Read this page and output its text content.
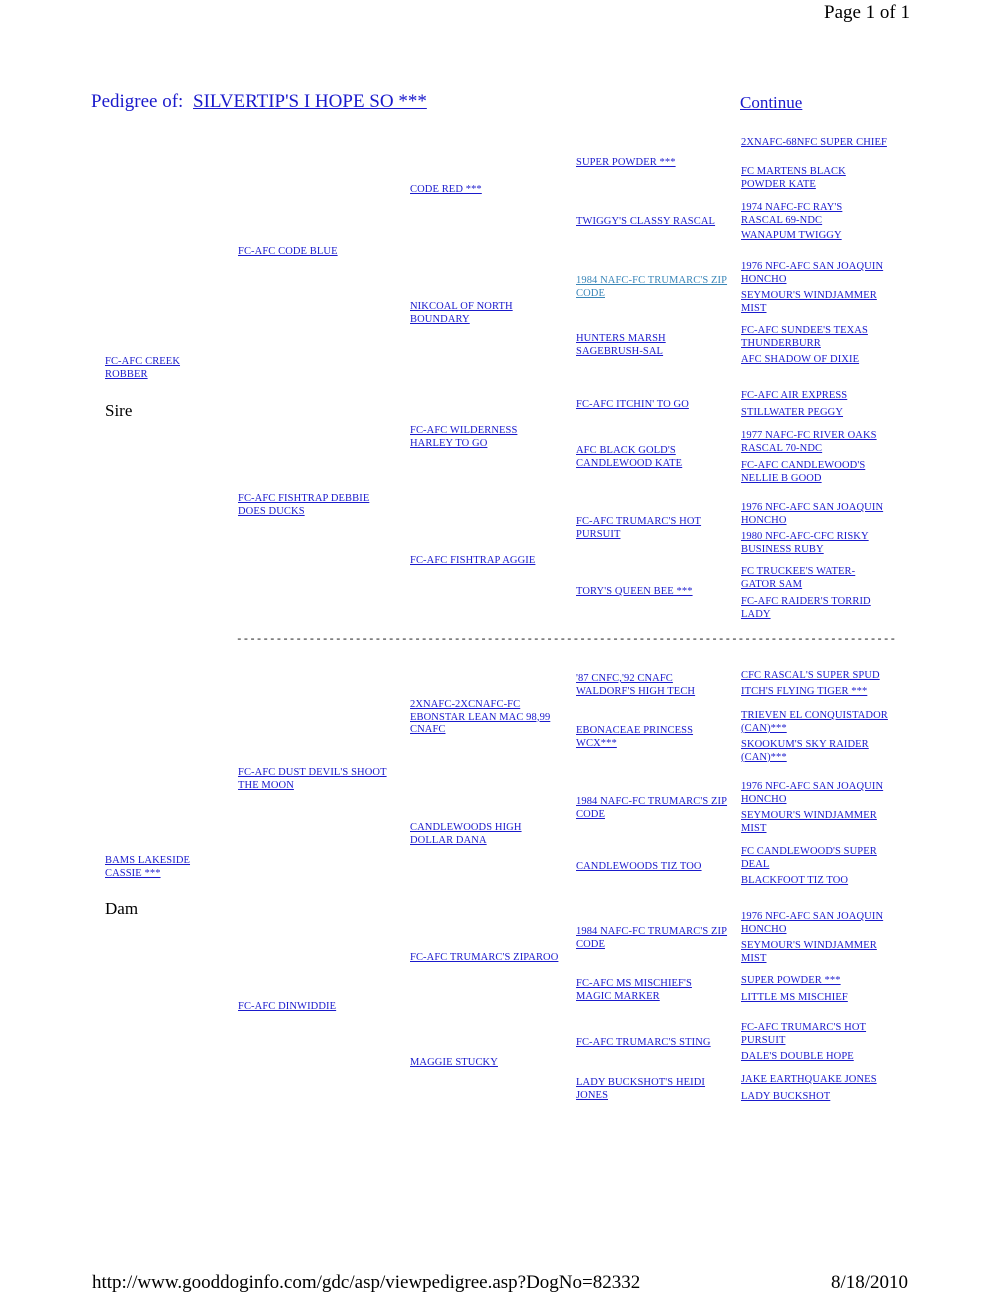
Page 1 of 1
Pedigree of: SILVERTIP'S I HOPE SO ***	Continue
FC-AFC CREEK ROBBER
Sire
FC-AFC CODE BLUE
FC-AFC FISHTRAP DEBBIE DOES DUCKS
CODE RED ***
NIKCOAL OF NORTH BOUNDARY
FC-AFC WILDERNESS HARLEY TO GO
FC-AFC FISHTRAP AGGIE
SUPER POWDER ***
TWIGGY'S CLASSY RASCAL
1984 NAFC-FC TRUMARC'S ZIP CODE
HUNTERS MARSH SAGEBRUSH-SAL
FC-AFC ITCHIN' TO GO
AFC BLACK GOLD'S CANDLEWOOD KATE
FC-AFC TRUMARC'S HOT PURSUIT
TORY'S QUEEN BEE ***
2XNAFC-68NFC SUPER CHIEF
FC MARTENS BLACK POWDER KATE
1974 NAFC-FC RAY'S RASCAL 69-NDC
WANAPUM TWIGGY
1976 NFC-AFC SAN JOAQUIN HONCHO
SEYMOUR'S WINDJAMMER MIST
FC-AFC SUNDEE'S TEXAS THUNDERBURR
AFC SHADOW OF DIXIE
FC-AFC AIR EXPRESS
STILLWATER PEGGY
1977 NAFC-FC RIVER OAKS RASCAL 70-NDC
FC-AFC CANDLEWOOD'S NELLIE B GOOD
1976 NFC-AFC SAN JOAQUIN HONCHO
1980 NFC-AFC-CFC RISKY BUSINESS RUBY
FC TRUCKEE'S WATER-GATOR SAM
FC-AFC RAIDER'S TORRID LADY
----------------------------------------------------------------------------------------------------
BAMS LAKESIDE CASSIE ***
Dam
FC-AFC DUST DEVIL'S SHOOT THE MOON
FC-AFC DINWIDDIE
2XNAFC-2XCNAFC-FC EBONSTAR LEAN MAC 98,99 CNAFC
CANDLEWOODS HIGH DOLLAR DANA
FC-AFC TRUMARC'S ZIPAROO
MAGGIE STUCKY
'87 CNFC,'92 CNAFC WALDORF'S HIGH TECH
EBONACEAE PRINCESS WCX***
1984 NAFC-FC TRUMARC'S ZIP CODE
CANDLEWOODS TIZ TOO
1984 NAFC-FC TRUMARC'S ZIP CODE
FC-AFC MS MISCHIEF'S MAGIC MARKER
FC-AFC TRUMARC'S STING
LADY BUCKSHOT'S HEIDI JONES
CFC RASCAL'S SUPER SPUD
ITCH'S FLYING TIGER ***
TRIEVEN EL CONQUISTADOR (CAN)***
SKOOKUM'S SKY RAIDER (CAN)***
1976 NFC-AFC SAN JOAQUIN HONCHO
SEYMOUR'S WINDJAMMER MIST
FC CANDLEWOOD'S SUPER DEAL
BLACKFOOT TIZ TOO
1976 NFC-AFC SAN JOAQUIN HONCHO
SEYMOUR'S WINDJAMMER MIST
SUPER POWDER ***
LITTLE MS MISCHIEF
FC-AFC TRUMARC'S HOT PURSUIT
DALE'S DOUBLE HOPE
JAKE EARTHQUAKE JONES
LADY BUCKSHOT
http://www.gooddoginfo.com/gdc/asp/viewpedigree.asp?DogNo=82332	8/18/2010
